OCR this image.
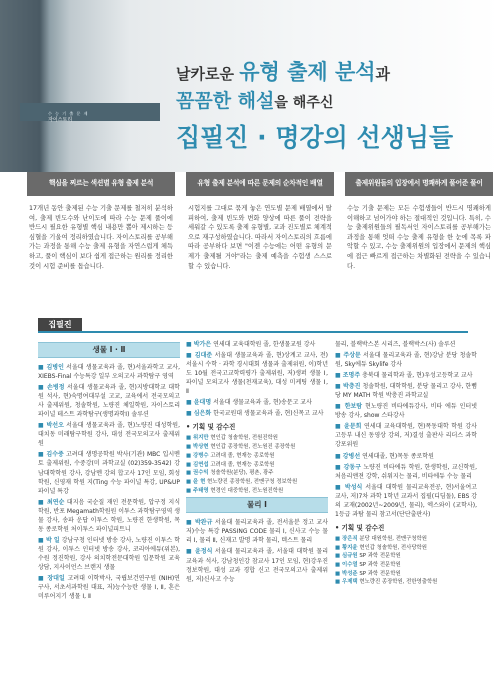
수 능 기 출 문 제
자이스토리
날카로운 유형 출제 분석과
꼼꼼한 해설을 해주신
집필진 · 명강의 선생님들
핵심을 찌르는 색션별 유형 출제 분석

17개년 동안 출제된 수능 기출 문제를 철저히 분석하여, 출제 빈도수와 난이도에 따라 수능 문제 풀이에 반드시 필요한 유형별 핵심 내용만 뽑아 제시하는 등 심혈을 기울여 정리하였습니다. 자이스토리를 공부해가는 과정을 통해 수능 출제 유형을 자연스럽게 체득하고, 풀이 핵심이 보다 쉽게 접근하는 원리를 정리한 것이 시험 준비를 돕습니다.

유형 출제 분석에 따른 문제의 순차적인 배열

시험지를 그대로 묶게 놓은 연도별 문제 배열에서 탈피하여, 출제 빈도와 변화 양상에 따른 풀이 전략을 세워갈 수 있도록 출제 유형별, 교과 진도별로 체계적으로 재구성하였습니다. 따라서 자이스토리의 흐름에 따라 공부하다 보면 "이젠 수능에는 어떤 유형의 문제가 출제될 거야"라는 출제 예측을 수험생 스스로 할 수 있습니다.

출제위원들의 입장에서 명쾌하게 풀어준 풀이

수능 기출 문제는 모든 수험생들이 반드시 명쾌하게 이해하고 넘어가야 하는 절대적인 것입니다. 특히, 수능 출제위원들의 필독서인 자이스토리를 공부해가는 과정을 통해 엇떠 수능 출제 유형을 한 눈에 목록 파악할 수 있고, 수능 출제위원의 입장에서 문제의 핵심에 접근 빠르게 접근하는 차별화된 전략을 수 있습니다.

집필진
생물 Ⅰ · Ⅱ
■ 김병인 서울대 생물교육과 졸, 현)서울과학고 교사, XIEBS-Final 수능특강 일부 오의고사 과학탐구 영역
■ 손병정 서울대 생물교육과 졸, 현)지방대학교 대학원 석사, 현)숙명여대부설 고교, 교육에서 전국모의고사 출제위원, 청솔학원, 노량진 체일학원, 자이스토리 파이널 테스트 과학탐구(생명과학Ⅰ) 솔루션
■ 박선오 서울대 생물교육과 졸, 현)노량진 대성학원, 대치동 미래탐구학원 강사, 대성 전국모의고사 출제위원
■ 김수중 고려대 생명공학원 박사(기관) MBC 입시멘토 출제위원, 수중강(미 과학교실 (02)359-3542) 강남대학학원 강사, 강남멘 강의 합고사 17인 모임, 회성학원, 신영재 학원 지(Ting 수능 파이널 특강, UP&UP 파이널 특강
■ 최연순 대지음 국순질 재인 전문학원, 압구정 지식학원, 반포 Megamath학원원 이투스 과학탐구영역 생물 강사, 송파 운답 이투스 학원, 노량진 한생학원, 목동 종로학원 처이투스 파이널피트니
■ 박 일 강남구청 인터넷 방송 강사, 노량진 이투스 학원 강사, 이투스 인터넷 방송 강사, 코리아에듀(위본), 수원 정진학원, 강사 의치학전문대학원 입문학원 교육상담, 지사이언스 브랜지 생물
■ 장대일 고려대 이학박사, 국립보건연구원 (NIH)연구사, 서초서과학원 대표, 저)능수능란 생물 Ⅰ, Ⅱ, 혼은 미루어지기 생물 Ⅰ, Ⅱ
■ 박가은 연세대 교육대학원 졸, 한생물교원 강사
■ 김대준 서울대 생물교육과 졸, 현)상계고 교사, 전)서울시 수학 · 과학 경시대회 생물과 출제위원, 이)학년도 10월 전국고교학력평가 출제위원, 저)생퍼 생물 Ⅰ, 파이널 모의고사 생물(천재교육), 대성 미케팅 생물 Ⅰ, Ⅱ
■ 윤대명 서울대 생물교육과 졸, 현)송문고 교사
■ 심은화 한국교원대 생물교육과 졸, 현)신목고 교사
• 기획 및 감수진
■ 위지만 현인갑 청솔학원, 전원진학원
■ 박상현 현인갑 종장학원, 전노원진 종장학원
■ 강병수 고려대 졸, 현재능 종로학원
■ 김연섭 고려대 졸, 현재능 종로학원
■ 권수익 청솔학원(분당), 평촌, 광주
■ 윤 현 현노량진 종장학원, 전맨구청 정보학원
■ 주태영 현경인 대중학원, 전노원진학원
물리 Ⅰ
■ 박완규 서울대 물리교육과 졸, 전서울분 정고 교사 저)수능 특강 PASSING CODE 물리 Ⅰ, 신사고 수능 물리 Ⅰ, 물리 Ⅱ, 신재고 발명 과학 물리, 텍스트 물리
■ 윤정식 서울대 물리교육과 졸, 서울대 대학원 물리교육과 석사, 강남청인강 참교사 17인 모임, 현)강우진 정보학원, 대성 교과 경합 신고 전국모의고사 출제위원, 저)신사고 수능
물리, 블랙박스본 시리즈, 블랙박스(사) 솔루션
■ 주상문 서울대 물리교육과 졸, 현)강남 분당 청솔학원, Sky에듀 Skylife 강사
■ 조명주 충북대 물리학과 졸, 현)우성고등학교 교사
■ 박충진 청솔학원, 대학학원, 분당 물리고 강사, 한뼘당 MY MATH 학원 박충진 과학교실
■ 한보람 현노량진 비타에듀강사, 비타 에듀 인터넷 방송 강사, show 스타강사
■ 윤문희 연세대 교육대학원, 현)폭동대학 학원 강사 고등부 내신 동영상 강의, 저)결성 출판사 리더스 과학 강포위원
■ 강병선 연세대졸, 현)목동 종로학원
■ 강동구 노량진 비타에듀 학원, 한생학원, 교신학원, 처음리앤젼 강학, 쉬워지는 물리, 비타에듀 수능 물리
■ 박성식 서울대 대학원 물리교육전공, 현)서울여고 교사, 저)7차 과학 1학년 교과서 집필(디딤돌), EBS 강의 교재(2002년~2009년, 물리), 엑스와이 (교학사), 1등급 과탐 물리 참고서(단단출판사)
• 기획 및 감수진
■ 장은직 분당 대원학원, 전맨구청학원
■ 황지윤 현인갑 청솔학원, 전사당학원
■ 심규원 SP 과학 전문학원
■ 이수열 SP 과학 전문학원
■ 박성준 SP 과학 전문학원
■ 우제택 현노량진 종장학원, 전한영출학원
